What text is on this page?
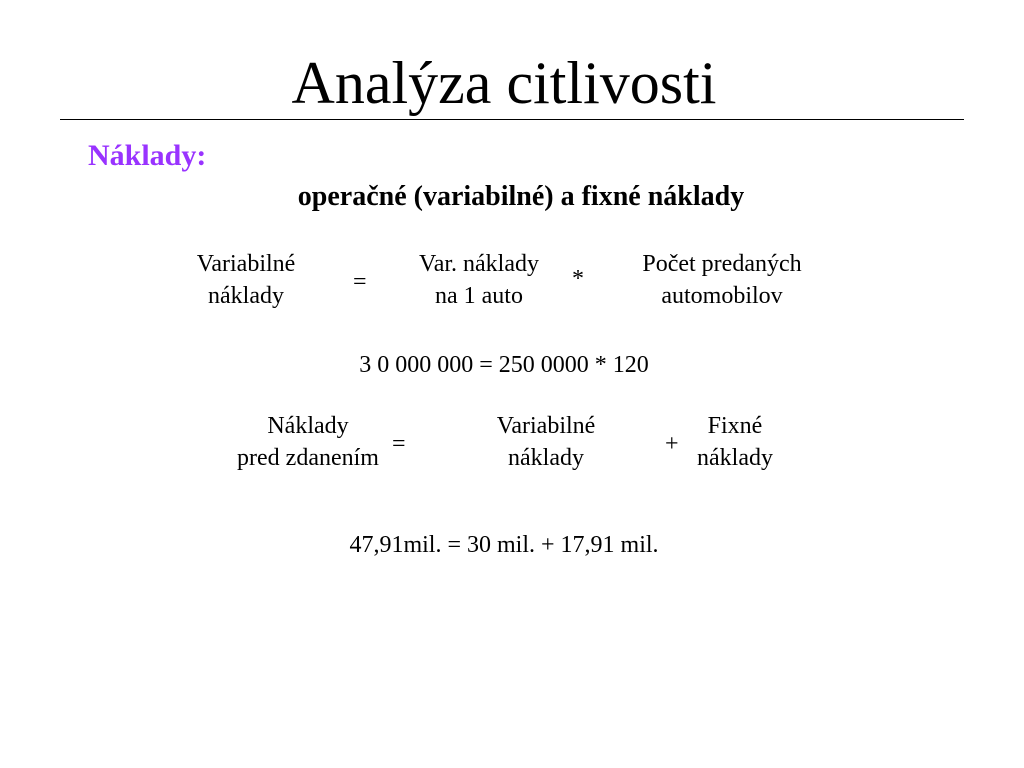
Analýza citlivosti
Náklady:
operačné (variabilné) a fixné náklady
Variabilné
náklady
=
Var. náklady
na 1 auto
*
Počet predaných
automobilov
3 0 000 000 = 250 0000 * 120
Náklady
pred zdanením
=
Variabilné
náklady
+
Fixné
náklady
47,91mil. = 30 mil. + 17,91 mil.
